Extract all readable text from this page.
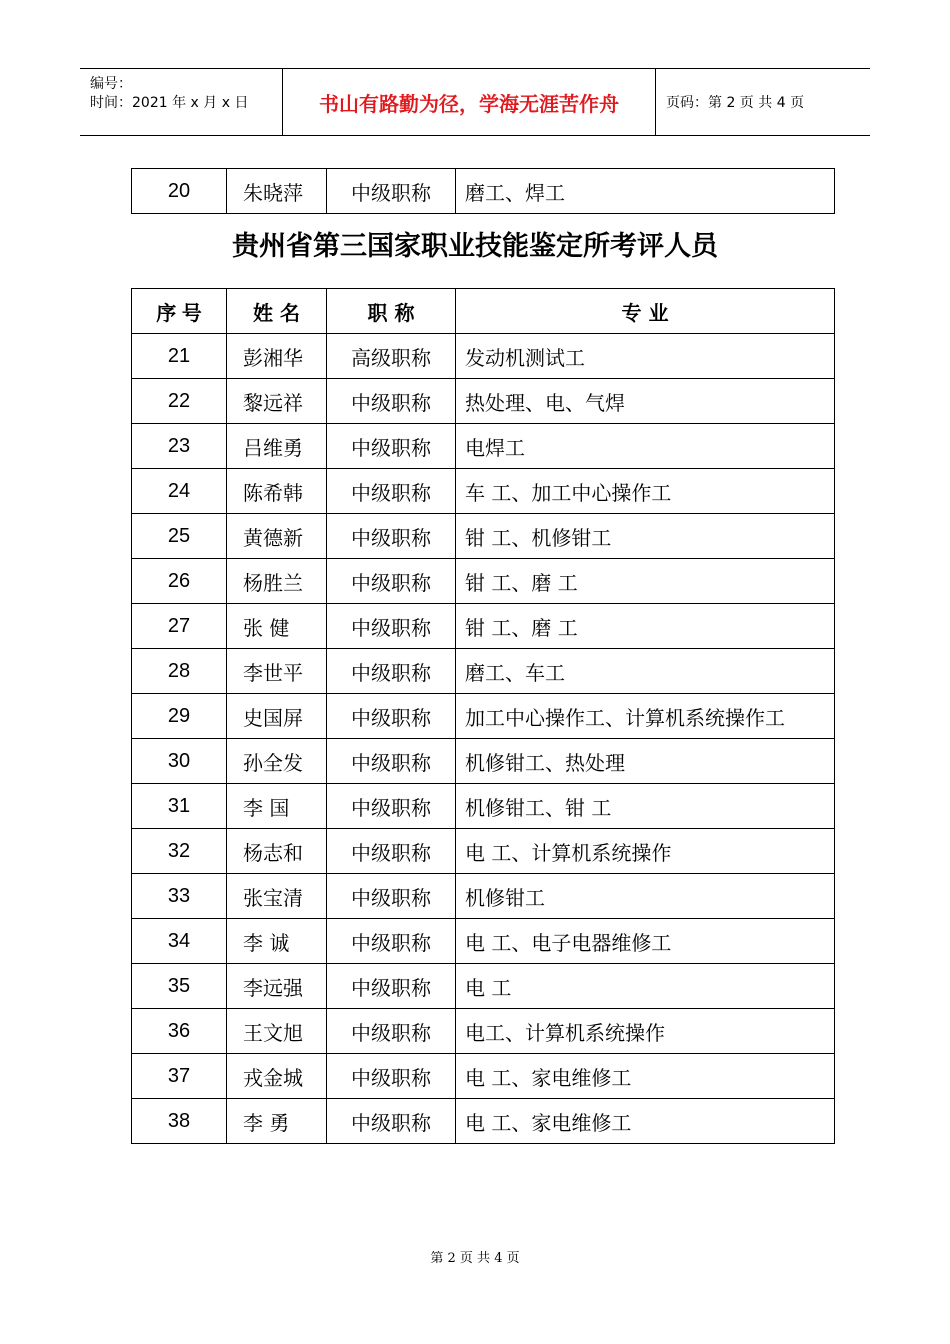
编号：
时间：2021 年 x 月 x 日	书山有路勤为径，学海无涯苦作舟	页码：第 2 页 共 4 页
20	朱晓萍	中级职称	磨工、焊工
贵州省第三国家职业技能鉴定所考评人员
序 号	姓 名	职 称	专 业
21	彭湘华	高级职称	发动机测试工
22	黎远祥	中级职称	热处理、电、气焊
23	吕维勇	中级职称	电焊工
24	陈希韩	中级职称	车 工、加工中心操作工
25	黄德新	中级职称	钳 工、机修钳工
26	杨胜兰	中级职称	钳 工、磨 工
27	张 健	中级职称	钳 工、磨 工
28	李世平	中级职称	磨工、车工
29	史国屏	中级职称	加工中心操作工、计算机系统操作工
30	孙全发	中级职称	机修钳工、热处理
31	李 国	中级职称	机修钳工、钳 工
32	杨志和	中级职称	电 工、计算机系统操作
33	张宝清	中级职称	机修钳工
34	李 诚	中级职称	电 工、电子电器维修工
35	李远强	中级职称	电 工
36	王文旭	中级职称	电工、计算机系统操作
37	戎金城	中级职称	电 工、家电维修工
38	李 勇	中级职称	电 工、家电维修工
第 2 页 共 4 页
